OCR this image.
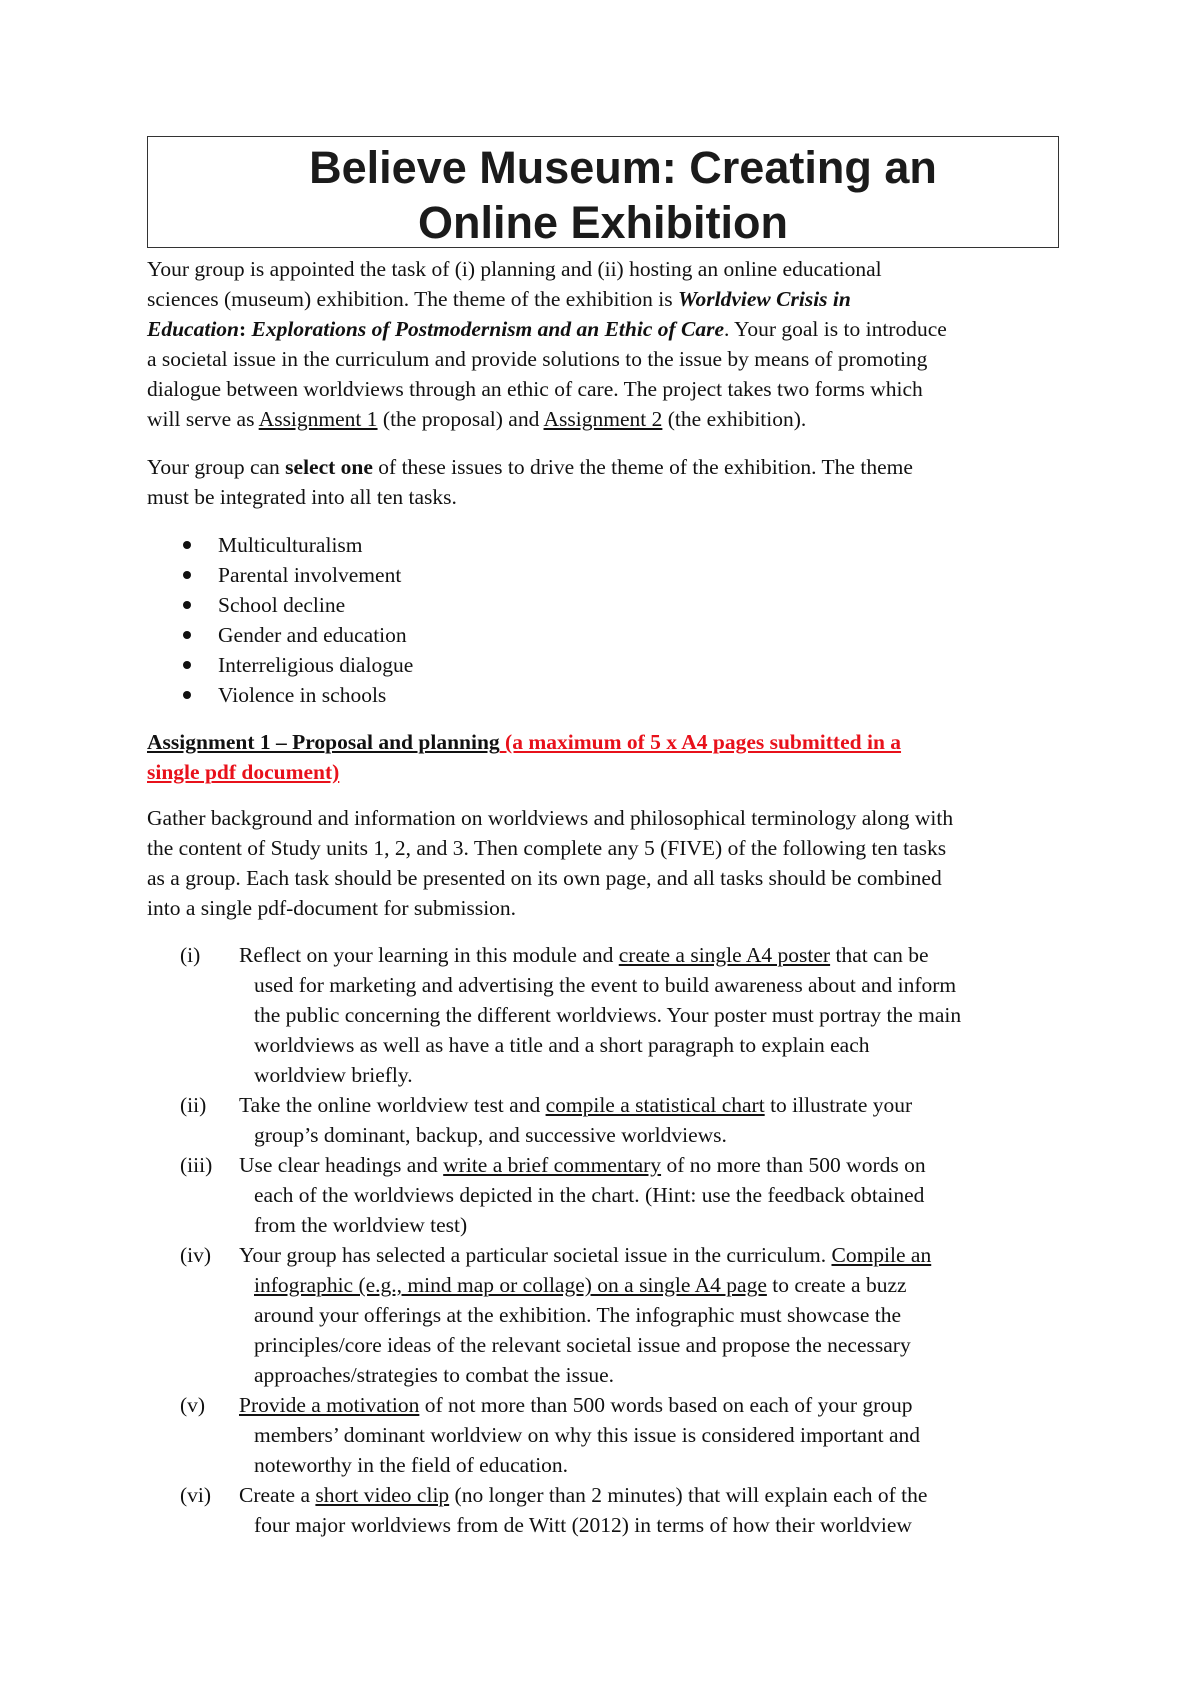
Believe Museum: Creating an
Online Exhibition
Your group is appointed the task of (i) planning and (ii) hosting an online educational
sciences (museum) exhibition. The theme of the exhibition is Worldview Crisis in
Education: Explorations of Postmodernism and an Ethic of Care. Your goal is to introduce
a societal issue in the curriculum and provide solutions to the issue by means of promoting
dialogue between worldviews through an ethic of care. The project takes two forms which
will serve as Assignment 1 (the proposal) and Assignment 2 (the exhibition).
Your group can select one of these issues to drive the theme of the exhibition. The theme
must be integrated into all ten tasks.
Multiculturalism
Parental involvement
School decline
Gender and education
Interreligious dialogue
Violence in schools
Assignment 1 – Proposal and planning (a maximum of 5 x A4 pages submitted in a
single pdf document)
Gather background and information on worldviews and philosophical terminology along with
the content of Study units 1, 2, and 3. Then complete any 5 (FIVE) of the following ten tasks
as a group. Each task should be presented on its own page, and all tasks should be combined
into a single pdf-document for submission.
(i) Reflect on your learning in this module and create a single A4 poster that can be
used for marketing and advertising the event to build awareness about and inform
the public concerning the different worldviews. Your poster must portray the main
worldviews as well as have a title and a short paragraph to explain each
worldview briefly.
(ii) Take the online worldview test and compile a statistical chart to illustrate your
group’s dominant, backup, and successive worldviews.
(iii) Use clear headings and write a brief commentary of no more than 500 words on
each of the worldviews depicted in the chart. (Hint: use the feedback obtained
from the worldview test)
(iv) Your group has selected a particular societal issue in the curriculum. Compile an
infographic (e.g., mind map or collage) on a single A4 page to create a buzz
around your offerings at the exhibition. The infographic must showcase the
principles/core ideas of the relevant societal issue and propose the necessary
approaches/strategies to combat the issue.
(v) Provide a motivation of not more than 500 words based on each of your group
members’ dominant worldview on why this issue is considered important and
noteworthy in the field of education.
(vi) Create a short video clip (no longer than 2 minutes) that will explain each of the
four major worldviews from de Witt (2012) in terms of how their worldview
